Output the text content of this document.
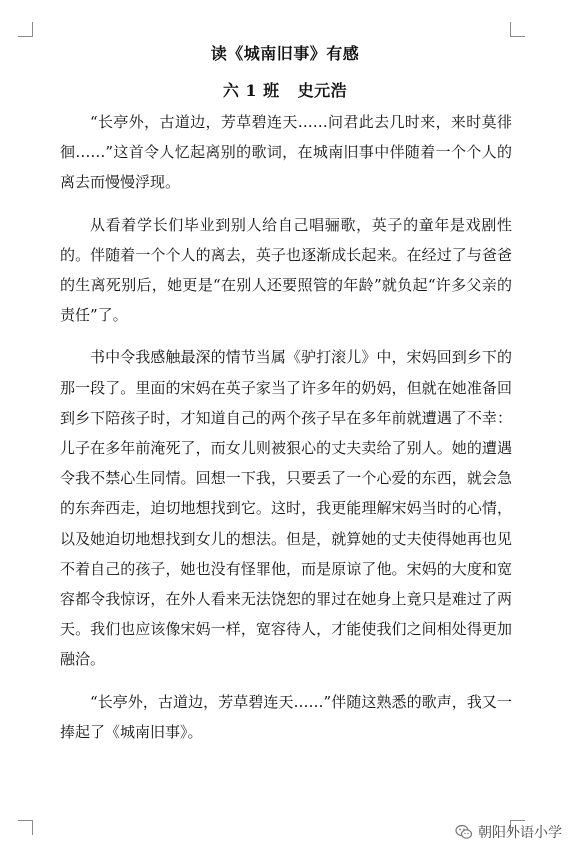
读《城南旧事》有感
六 1 班 史元浩

“长亭外，古道边，芳草碧连天……问君此去几时来，来时莫徘徊……”这首令人忆起离别的歌词，在城南旧事中伴随着一个个人的离去而慢慢浮现。

从看着学长们毕业到别人给自己唱骊歌，英子的童年是戏剧性的。伴随着一个个人的离去，英子也逐渐成长起来。在经过了与爸爸的生离死别后，她更是“在别人还要照管的年龄”就负起“许多父亲的责任”了。

书中令我感触最深的情节当属《驴打滚儿》中，宋妈回到乡下的那一段了。里面的宋妈在英子家当了许多年的奶妈，但就在她准备回到乡下陪孩子时，才知道自己的两个孩子早在多年前就遭遇了不幸：儿子在多年前淹死了，而女儿则被狠心的丈夫卖给了别人。她的遭遇令我不禁心生同情。回想一下我，只要丢了一个心爱的东西，就会急的东奔西走，迫切地想找到它。这时，我更能理解宋妈当时的心情，以及她迫切地想找到女儿的想法。但是，就算她的丈夫使得她再也见不着自己的孩子，她也没有怪罪他，而是原谅了他。宋妈的大度和宽容都令我惊讶，在外人看来无法饶恕的罪过在她身上竟只是难过了两天。我们也应该像宋妈一样，宽容待人，才能使我们之间相处得更加融洽。

“长亭外，古道边，芳草碧连天……”伴随这熟悉的歌声，我又一捧起了《城南旧事》。

朝阳外语小学
